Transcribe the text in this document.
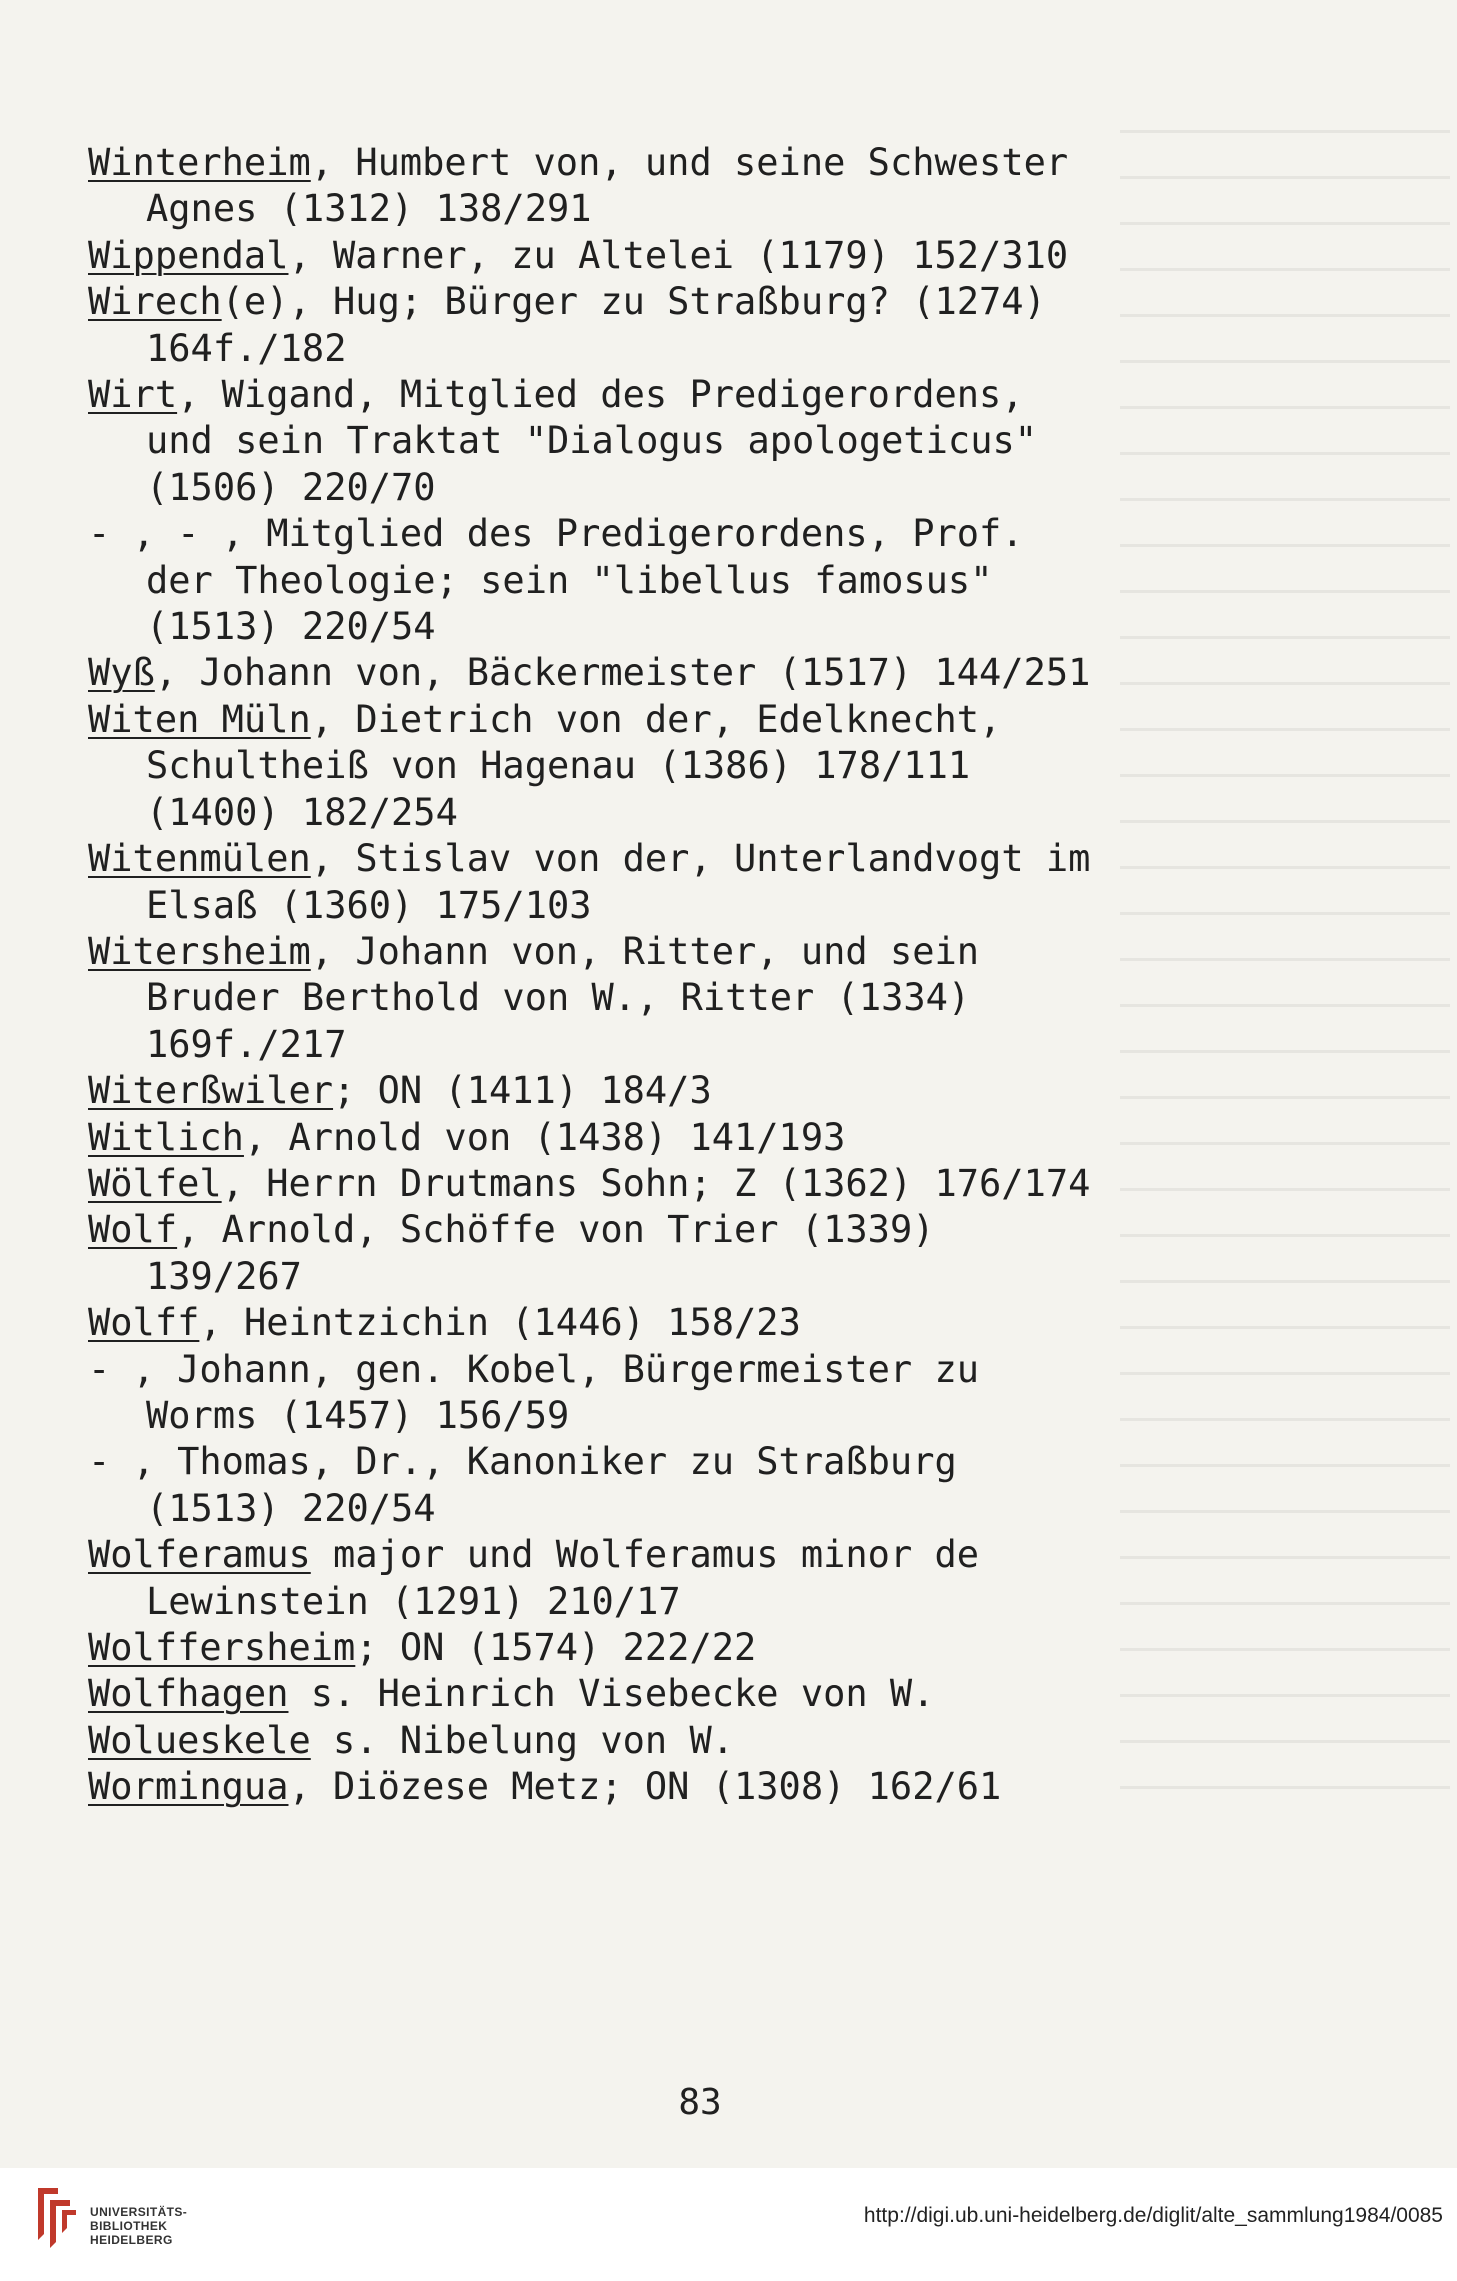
Winterheim, Humbert von, und seine Schwester Agnes (1312) 138/291
Wippendal, Warner, zu Altelei (1179) 152/310
Wirech(e), Hug; Bürger zu Straßburg? (1274) 164f./182
Wirt, Wigand, Mitglied des Predigerordens, und sein Traktat "Dialogus apologeticus" (1506) 220/70
- , - , Mitglied des Predigerordens, Prof. der Theologie; sein "libellus famosus" (1513) 220/54
Wyß, Johann von, Bäckermeister (1517) 144/251
Witen Müln, Dietrich von der, Edelknecht, Schultheiß von Hagenau (1386) 178/111 (1400) 182/254
Witenmülen, Stislav von der, Unterlandvogt im Elsaß (1360) 175/103
Witersheim, Johann von, Ritter, und sein Bruder Berthold von W., Ritter (1334) 169f./217
Witerßwiler; ON (1411) 184/3
Witlich, Arnold von (1438) 141/193
Wölfel, Herrn Drutmans Sohn; Z (1362) 176/174
Wolf, Arnold, Schöffe von Trier (1339) 139/267
Wolff, Heintzichin (1446) 158/23
- , Johann, gen. Kobel, Bürgermeister zu Worms (1457) 156/59
- , Thomas, Dr., Kanoniker zu Straßburg (1513) 220/54
Wolferamus major und Wolferamus minor de Lewinstein (1291) 210/17
Wolffersheim; ON (1574) 222/22
Wolfhagen s. Heinrich Visebecke von W.
Wolueskele s. Nibelung von W.
Wormingua, Diözese Metz; ON (1308) 162/61
83
UNIVERSITÄTS-
BIBLIOTHEK
HEIDELBERG
http://digi.ub.uni-heidelberg.de/diglit/alte_sammlung1984/0085
